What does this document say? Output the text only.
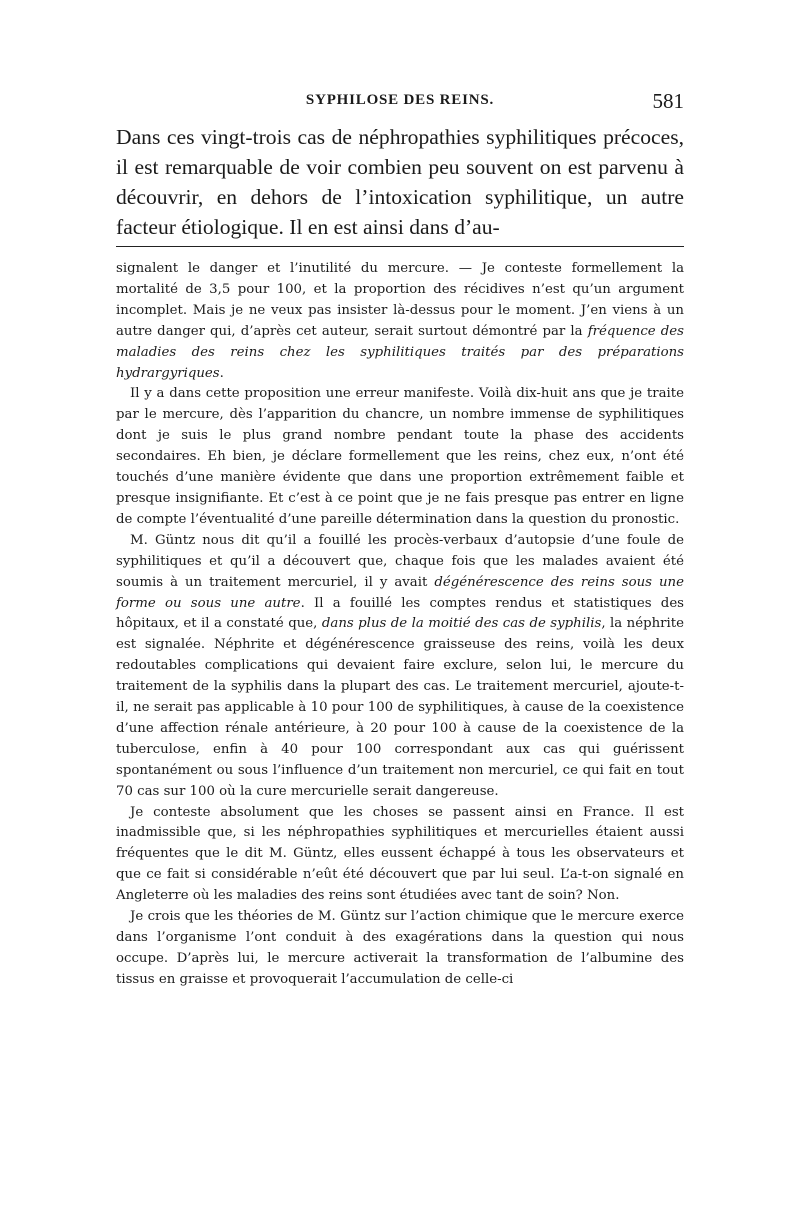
SYPHILOSE DES REINS.	581

Dans ces vingt-trois cas de néphropathies syphilitiques précoces, il est remarquable de voir combien peu souvent on est parvenu à découvrir, en dehors de l’intoxication syphilitique, un autre facteur étiologique. Il en est ainsi dans d’au-

signalent le danger et l’inutilité du mercure. — Je conteste formellement la mortalité de 3,5 pour 100, et la proportion des récidives n’est qu’un argument incomplet. Mais je ne veux pas insister là-dessus pour le moment. J’en viens à un autre danger qui, d’après cet auteur, serait surtout démontré par la fréquence des maladies des reins chez les syphilitiques traités par des préparations hydrargyriques.

Il y a dans cette proposition une erreur manifeste. Voilà dix-huit ans que je traite par le mercure, dès l’apparition du chancre, un nombre immense de syphilitiques dont je suis le plus grand nombre pendant toute la phase des accidents secondaires. Eh bien, je déclare formellement que les reins, chez eux, n’ont été touchés d’une manière évidente que dans une proportion extrêmement faible et presque insignifiante. Et c’est à ce point que je ne fais presque pas entrer en ligne de compte l’éventualité d’une pareille détermination dans la question du pronostic.

M. Güntz nous dit qu’il a fouillé les procès-verbaux d’autopsie d’une foule de syphilitiques et qu’il a découvert que, chaque fois que les malades avaient été soumis à un traitement mercuriel, il y avait dégénérescence des reins sous une forme ou sous une autre. Il a fouillé les comptes rendus et statistiques des hôpitaux, et il a constaté que, dans plus de la moitié des cas de syphilis, la néphrite est signalée. Néphrite et dégénérescence graisseuse des reins, voilà les deux redoutables complications qui devaient faire exclure, selon lui, le mercure du traitement de la syphilis dans la plupart des cas. Le traitement mercuriel, ajoute-t-il, ne serait pas applicable à 10 pour 100 de syphilitiques, à cause de la coexistence d’une affection rénale antérieure, à 20 pour 100 à cause de la coexistence de la tuberculose, enfin à 40 pour 100 correspondant aux cas qui guérissent spontanément ou sous l’influence d’un traitement non mercuriel, ce qui fait en tout 70 cas sur 100 où la cure mercurielle serait dangereuse.

Je conteste absolument que les choses se passent ainsi en France. Il est inadmissible que, si les néphropathies syphilitiques et mercurielles étaient aussi fréquentes que le dit M. Güntz, elles eussent échappé à tous les observateurs et que ce fait si considérable n’eût été découvert que par lui seul. L’a-t-on signalé en Angleterre où les maladies des reins sont étudiées avec tant de soin? Non.

Je crois que les théories de M. Güntz sur l’action chimique que le mercure exerce dans l’organisme l’ont conduit à des exagérations dans la question qui nous occupe. D’après lui, le mercure activerait la transformation de l’albumine des tissus en graisse et provoquerait l’accumulation de celle-ci
